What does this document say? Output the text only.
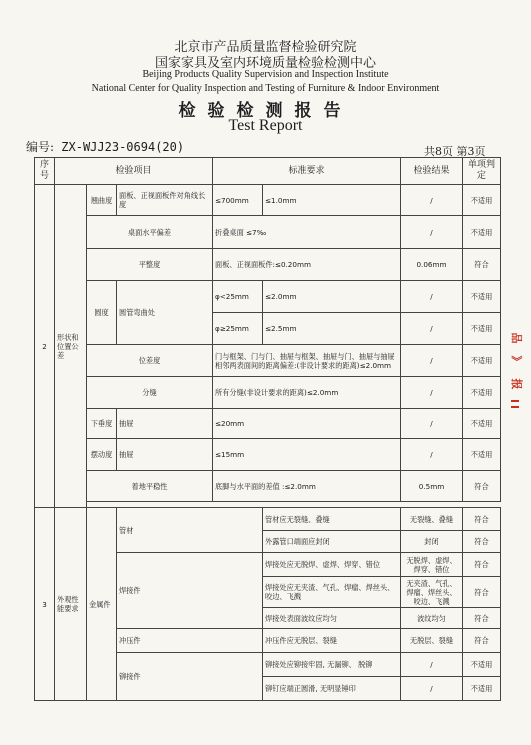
北京市产品质量监督检验研究院
国家家具及室内环境质量检验检测中心
Beijing Products Quality Supervision and Inspection Institute
National Center for Quality Inspection and Testing of Furniture & Indoor Environment
检验检测报告
Test Report
编号: ZX-WJJ23-0694(20)	共8页 第3页
序号	检验项目			标准要求		检验结果	单项判定
2	形状和位置公差	翘曲度	面板、正视面板件对角线长度	≤700mm	≤1.0mm	/	不适用
		桌面水平偏差		折叠桌面 ≤7‰		/	不适用
		平整度		面板、正视面板件:≤0.20mm		0.06mm	符合
		圆度	圆管弯曲处	φ<25mm	≤2.0mm	/	不适用
				φ≥25mm	≤2.5mm	/	不适用
		位差度		门与框架、门与门、抽屉与框架、抽屉与门、抽屉与抽屉相邻两表面间的距离偏差:(非设计要求的距离)≤2.0mm		/	不适用
		分缝		所有分缝(非设计要求的距离)≤2.0mm		/	不适用
		下垂度	抽屉	≤20mm		/	不适用
		摆动度	抽屉	≤15mm		/	不适用
		着地平稳性		底脚与水平面的差值 :≤2.0mm		0.5mm	符合

3	外观性能要求	金属件	管材		管材应无裂缝、叠缝	无裂缝、叠缝	符合
					外露管口端面应封闭	封闭	符合
			焊接件		焊接处应无脱焊、虚焊、焊穿、错位	无脱焊、虚焊、焊穿、错位	符合
					焊接处应无夹渣、气孔、焊瘤、焊丝头、咬边、飞溅	无夹渣、气孔、焊瘤、焊丝头、咬边、飞溅	符合
					焊接处表面波纹应均匀	波纹均匀	符合
			冲压件		冲压件应无脱层、裂缝	无脱层、裂缝	符合
			铆接件		铆接处应铆接牢固, 无漏铆、 脱铆	/	不适用
					铆钉应端正圆滑, 无明显锤印	/	不适用
品
》
报
